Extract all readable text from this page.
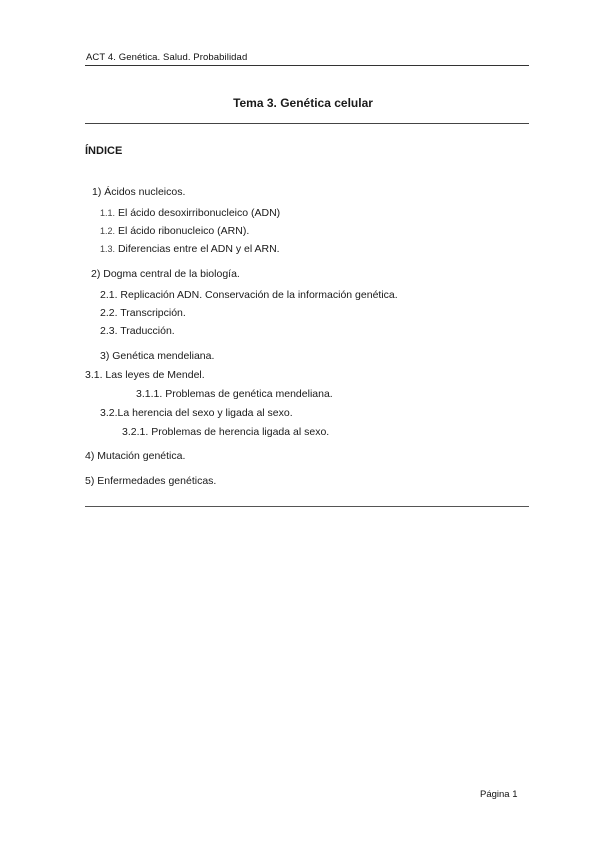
ACT 4. Genética. Salud. Probabilidad
Tema 3. Genética celular
ÍNDICE
1) Ácidos nucleicos.
1.1. El ácido desoxirribonucleico (ADN)
1.2. El ácido ribonucleico (ARN).
1.3. Diferencias entre el ADN y el ARN.
2) Dogma central de la biología.
2.1. Replicación ADN. Conservación de la información genética.
2.2. Transcripción.
2.3. Traducción.
3) Genética mendeliana.
3.1. Las leyes de Mendel.
3.1.1. Problemas de genética mendeliana.
3.2.La herencia del sexo y ligada al sexo.
3.2.1. Problemas de herencia ligada al sexo.
4) Mutación genética.
5) Enfermedades genéticas.
Página 1
